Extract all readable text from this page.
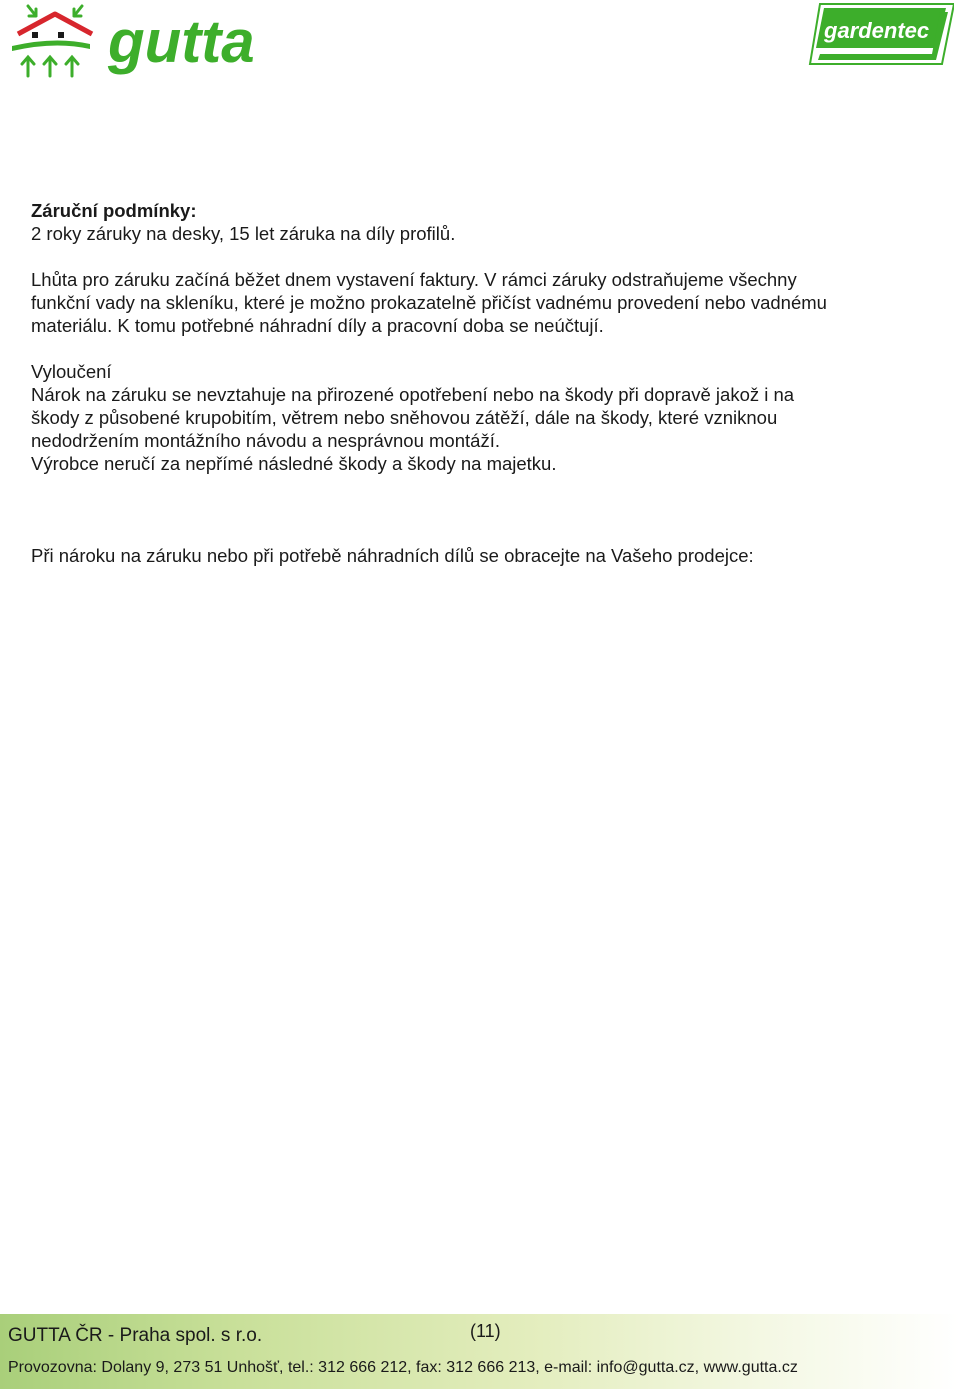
gutta	gardentec

Záruční podmínky:

2 roky záruky na desky, 15 let záruka na díly profilů.

Lhůta pro záruku začíná běžet dnem vystavení faktury. V rámci záruky odstraňujeme všechny

funkční vady na skleníku, které je možno prokazatelně přičíst vadnému provedení nebo vadnému

materiálu. K tomu potřebné náhradní díly a pracovní doba se neúčtují.

Vyloučení

Nárok na záruku se nevztahuje na přirozené opotřebení nebo na škody při dopravě jakož i na

škody z působené krupobitím, větrem nebo sněhovou zátěží, dále na škody, které vzniknou

nedodržením montážního návodu a nesprávnou montáží.

Výrobce neručí za nepřímé následné škody a škody na majetku.

Při nároku na záruku nebo při potřebě náhradních dílů se obracejte na Vašeho prodejce:

GUTTA ČR - Praha spol. s r.o.	(11)
Provozovna: Dolany 9, 273 51 Unhošť, tel.: 312 666 212, fax: 312 666 213, e-mail: info@gutta.cz, www.gutta.cz
